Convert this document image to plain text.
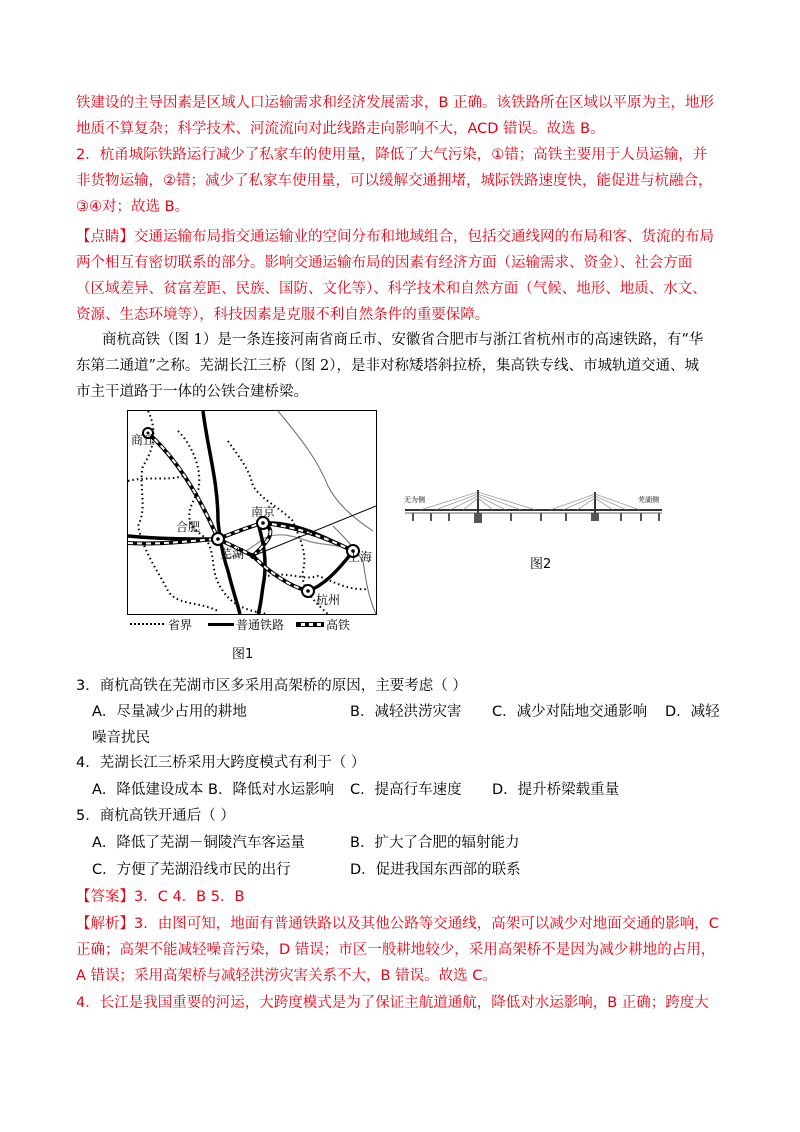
铁建设的主导因素是区域人口运输需求和经济发展需求，B 正确。该铁路所在区域以平原为主，地形
地质不算复杂；科学技术、河流流向对此线路走向影响不大，ACD 错误。故选 B。
2．杭甬城际铁路运行减少了私家车的使用量，降低了大气污染，①错；高铁主要用于人员运输，并
非货物运输，②错；减少了私家车使用量，可以缓解交通拥堵，城际铁路速度快，能促进与杭融合，
③④对；故选 B。
【点睛】交通运输布局指交通运输业的空间分布和地域组合，包括交通线网的布局和客、货流的布局
两个相互有密切联系的部分。影响交通运输布局的因素有经济方面（运输需求、资金）、社会方面
（区域差异、贫富差距、民族、国防、文化等）、科学技术和自然方面（气候、地形、地质、水文、
资源、生态环境等），科技因素是克服不利自然条件的重要保障。
商杭高铁（图 1）是一条连接河南省商丘市、安徽省合肥市与浙江省杭州市的高速铁路，有“华
东第二通道”之称。芜湖长江三桥（图 2），是非对称矮塔斜拉桥，集高铁专线、市城轨道交通、城
市主干道路于一体的公铁合建桥梁。
商丘
合肥
南京
芜湖	上海
杭州
省界	普通铁路	高铁
图1
无为侧	芜湖侧
图2
3．商杭高铁在芜湖市区多采用高架桥的原因，主要考虑（ ）
A．尽量减少占用的耕地	B．减轻洪涝灾害 C．减少对陆地交通影响 D．减轻
噪音扰民
4．芜湖长江三桥采用大跨度模式有利于（ ）
A．降低建设成本 B．降低对水运影响 C．提高行车速度 D．提升桥梁载重量
5．商杭高铁开通后（ ）
A．降低了芜湖－铜陵汽车客运量	B．扩大了合肥的辐射能力
C．方便了芜湖沿线市民的出行	D．促进我国东西部的联系
【答案】3．C 4．B 5．B
【解析】3．由图可知，地面有普通铁路以及其他公路等交通线，高架可以减少对地面交通的影响，C
正确；高架不能减轻噪音污染，D 错误；市区一般耕地较少，采用高架桥不是因为减少耕地的占用，
A 错误；采用高架桥与减轻洪涝灾害关系不大，B 错误。故选 C。
4．长江是我国重要的河运，大跨度模式是为了保证主航道通航，降低对水运影响，B 正确；跨度大
